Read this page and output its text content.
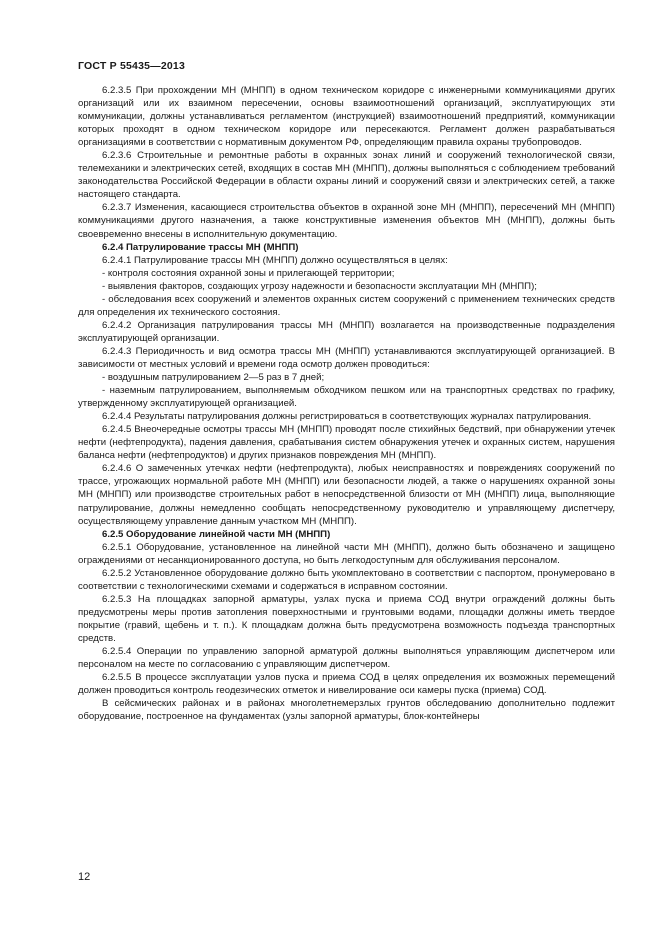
ГОСТ Р 55435—2013

6.2.3.5 При прохождении МН (МНПП) в одном техническом коридоре с инженерными коммуникациями других организаций или их взаимном пересечении, основы взаимоотношений организаций, эксплуатирующих эти коммуникации, должны устанавливаться регламентом (инструкцией) взаимоотношений предприятий, коммуникации которых проходят в одном техническом коридоре или пересекаются. Регламент должен разрабатываться организациями в соответствии с нормативным документом РФ, определяющим правила охраны трубопроводов.

6.2.3.6 Строительные и ремонтные работы в охранных зонах линий и сооружений технологической связи, телемеханики и электрических сетей, входящих в состав МН (МНПП), должны выполняться с соблюдением требований законодательства Российской Федерации в области охраны линий и сооружений связи и электрических сетей, а также настоящего стандарта.

6.2.3.7 Изменения, касающиеся строительства объектов в охранной зоне МН (МНПП), пересечений МН (МНПП) коммуникациями другого назначения, а также конструктивные изменения объектов МН (МНПП), должны быть своевременно внесены в исполнительную документацию.

6.2.4 Патрулирование трассы МН (МНПП)

6.2.4.1 Патрулирование трассы МН (МНПП) должно осуществляться в целях:

- контроля состояния охранной зоны и прилегающей территории;

- выявления факторов, создающих угрозу надежности и безопасности эксплуатации МН (МНПП);

- обследования всех сооружений и элементов охранных систем сооружений с применением технических средств для определения их технического состояния.

6.2.4.2 Организация патрулирования трассы МН (МНПП) возлагается на производственные подразделения эксплуатирующей организации.

6.2.4.3 Периодичность и вид осмотра трассы МН (МНПП) устанавливаются эксплуатирующей организацией. В зависимости от местных условий и времени года осмотр должен проводиться:

- воздушным патрулированием 2—5 раз в 7 дней;

- наземным патрулированием, выполняемым обходчиком пешком или на транспортных средствах по графику, утвержденному эксплуатирующей организацией.

6.2.4.4 Результаты патрулирования должны регистрироваться в соответствующих журналах патрулирования.

6.2.4.5 Внеочередные осмотры трассы МН (МНПП) проводят после стихийных бедствий, при обнаружении утечек нефти (нефтепродукта), падения давления, срабатывания систем обнаружения утечек и охранных систем, нарушения баланса нефти (нефтепродуктов) и других признаков повреждения МН (МНПП).

6.2.4.6 О замеченных утечках нефти (нефтепродукта), любых неисправностях и повреждениях сооружений по трассе, угрожающих нормальной работе МН (МНПП) или безопасности людей, а также о нарушениях охранной зоны МН (МНПП) или производстве строительных работ в непосредственной близости от МН (МНПП) лица, выполняющие патрулирование, должны немедленно сообщать непосредственному руководителю и управляющему диспетчеру, осуществляющему управление данным участком МН (МНПП).

6.2.5 Оборудование линейной части МН (МНПП)

6.2.5.1 Оборудование, установленное на линейной части МН (МНПП), должно быть обозначено и защищено ограждениями от несанкционированного доступа, но быть легкодоступным для обслуживания персоналом.

6.2.5.2 Установленное оборудование должно быть укомплектовано в соответствии с паспортом, пронумеровано в соответствии с технологическими схемами и содержаться в исправном состоянии.

6.2.5.3 На площадках запорной арматуры, узлах пуска и приема СОД внутри ограждений должны быть предусмотрены меры против затопления поверхностными и грунтовыми водами, площадки должны иметь твердое покрытие (гравий, щебень и т. п.). К площадкам должна быть предусмотрена возможность подъезда транспортных средств.

6.2.5.4 Операции по управлению запорной арматурой должны выполняться управляющим диспетчером или персоналом на месте по согласованию с управляющим диспетчером.

6.2.5.5 В процессе эксплуатации узлов пуска и приема СОД в целях определения их возможных перемещений должен проводиться контроль геодезических отметок и нивелирование оси камеры пуска (приема) СОД.

В сейсмических районах и в районах многолетнемерзлых грунтов обследованию дополнительно подлежит оборудование, построенное на фундаментах (узлы запорной арматуры, блок-контейнеры

12
